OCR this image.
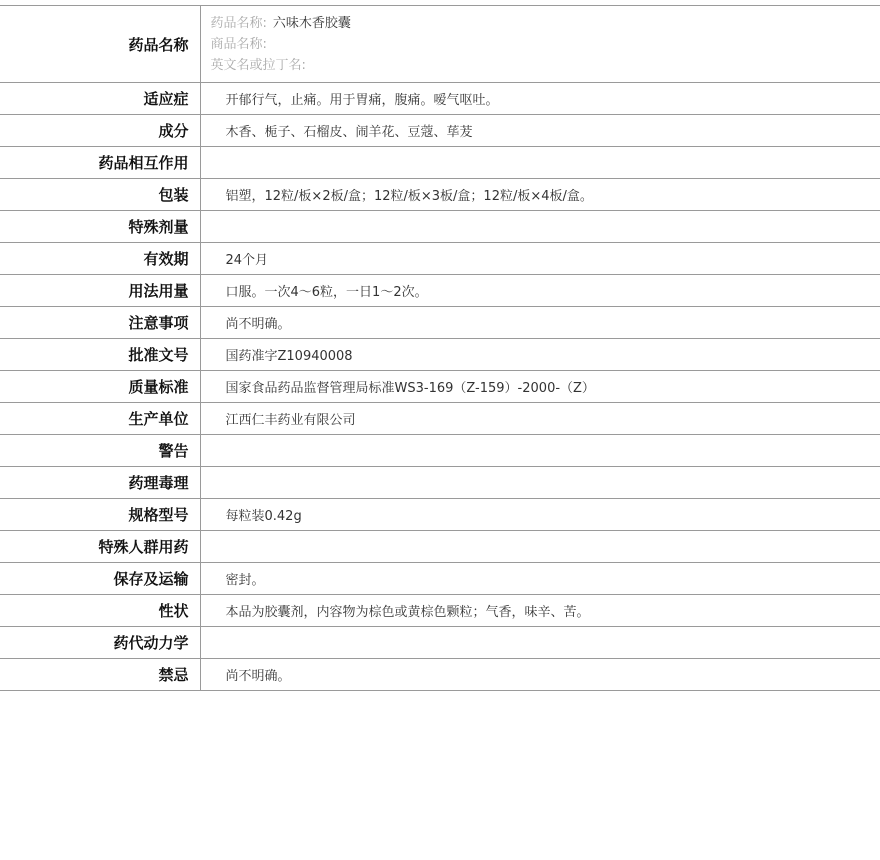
药品名称	药品名称: 六味木香胶囊
商品名称:
英文名或拉丁名:

适应症	开郁行气，止痛。用于胃痛，腹痛。嗳气呕吐。
成分	木香、栀子、石榴皮、闹羊花、豆蔻、荜茇
药品相互作用	
包装	铝塑，12粒/板×2板/盒；12粒/板×3板/盒；12粒/板×4板/盒。
特殊剂量	
有效期	24个月
用法用量	口服。一次4～6粒，一日1～2次。
注意事项	尚不明确。
批准文号	国药准字Z10940008
质量标准	国家食品药品监督管理局标准WS3-169（Z-159）-2000-（Z）
生产单位	江西仁丰药业有限公司
警告	
药理毒理	
规格型号	每粒装0.42g
特殊人群用药	
保存及运输	密封。
性状	本品为胶囊剂，内容物为棕色或黄棕色颗粒；气香，味辛、苦。
药代动力学	
禁忌	尚不明确。
